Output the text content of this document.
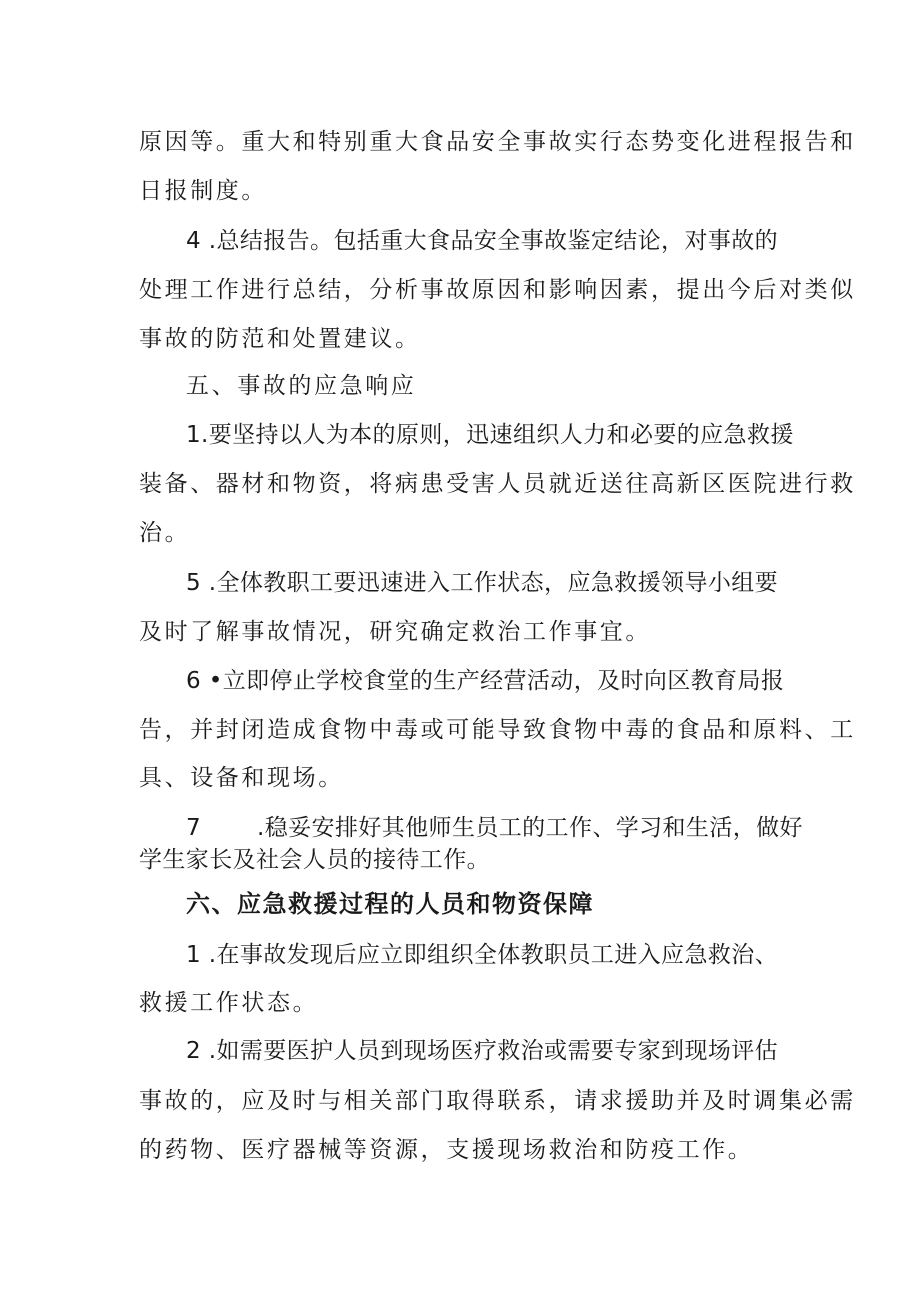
原因等。重大和特别重大食品安全事故实行态势变化进程报告和
日报制度。
4 .总结报告。包括重大食品安全事故鉴定结论，对事故的
处理工作进行总结，分析事故原因和影响因素，提出今后对类似
事故的防范和处置建议。
五、事故的应急响应
1.要坚持以人为本的原则，迅速组织人力和必要的应急救援
装备、器材和物资，将病患受害人员就近送往高新区医院进行救
治。
5 .全体教职工要迅速进入工作状态，应急救援领导小组要
及时了解事故情况，研究确定救治工作事宜。
6 •立即停止学校食堂的生产经营活动，及时向区教育局报
告，并封闭造成食物中毒或可能导致食物中毒的食品和原料、工
具、设备和现场。
7 .稳妥安排好其他师生员工的工作、学习和生活，做好
学生家长及社会人员的接待工作。
六、应急救援过程的人员和物资保障
1 .在事故发现后应立即组织全体教职员工进入应急救治、
救援工作状态。
2 .如需要医护人员到现场医疗救治或需要专家到现场评估
事故的，应及时与相关部门取得联系，请求援助并及时调集必需
的药物、医疗器械等资源，支援现场救治和防疫工作。
